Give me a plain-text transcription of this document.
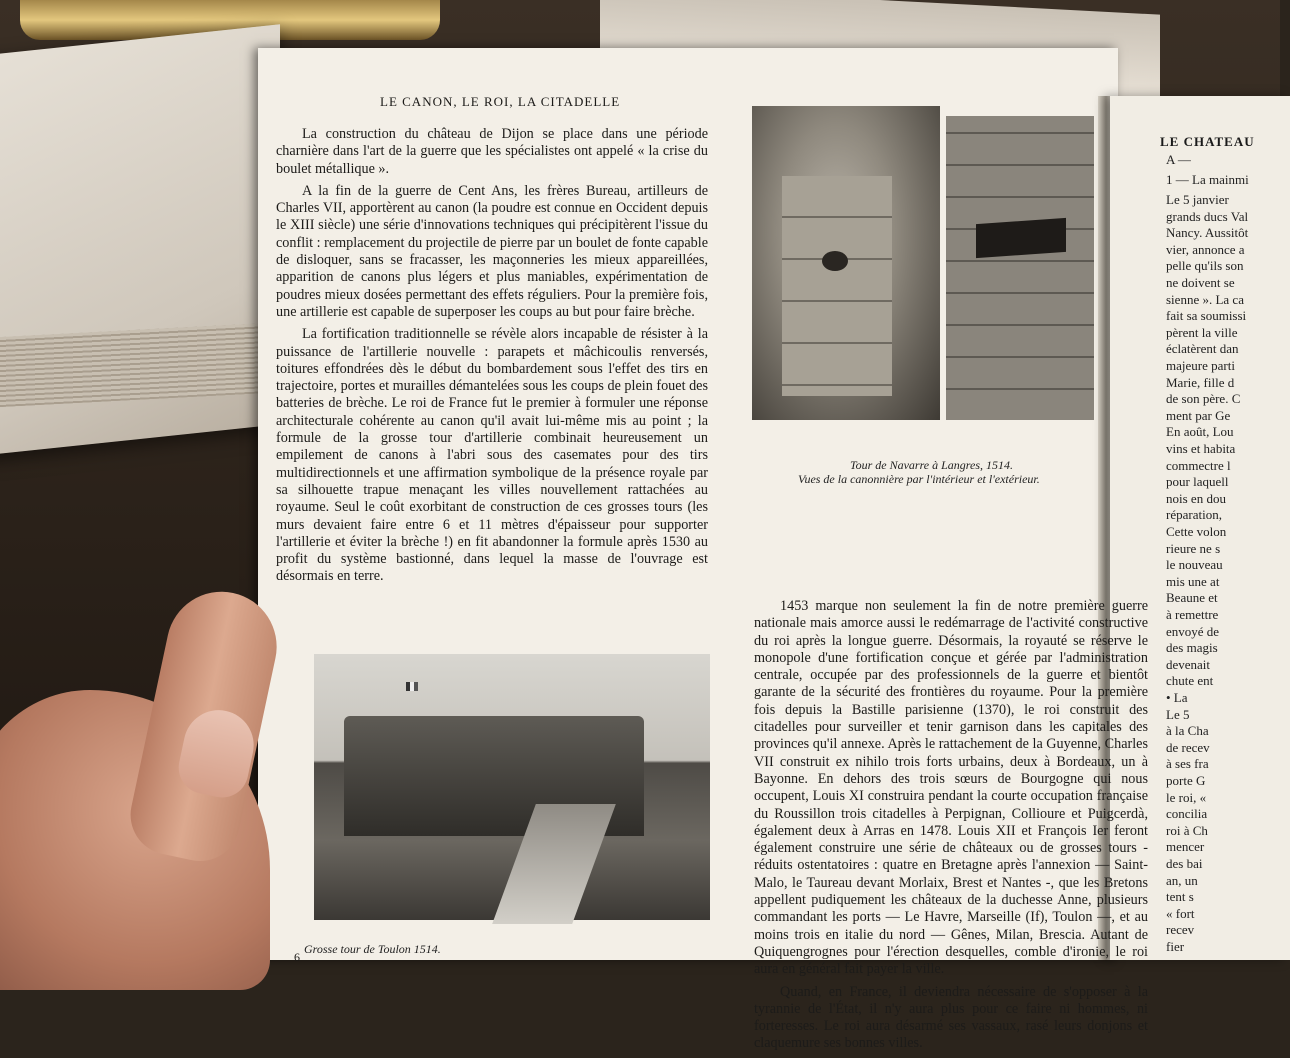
LE CANON, LE ROI, LA CITADELLE

La construction du château de Dijon se place dans une période charnière dans l'art de la guerre que les spécialistes ont appelé « la crise du boulet métallique ».

A la fin de la guerre de Cent Ans, les frères Bureau, artilleurs de Charles VII, apportèrent au canon (la poudre est connue en Occident depuis le XIII siècle) une série d'innovations techniques qui précipitèrent l'issue du conflit : remplacement du projectile de pierre par un boulet de fonte capable de disloquer, sans se fracasser, les maçonneries les mieux appareillées, apparition de canons plus légers et plus maniables, expérimentation de poudres mieux dosées permettant des effets réguliers. Pour la première fois, une artillerie est capable de superposer les coups au but pour faire brèche.

La fortification traditionnelle se révèle alors incapable de résister à la puissance de l'artillerie nouvelle : parapets et mâchicoulis renversés, toitures effondrées dès le début du bombardement sous l'effet des tirs en trajectoire, portes et murailles démantelées sous les coups de plein fouet des batteries de brèche. Le roi de France fut le premier à formuler une réponse architecturale cohérente au canon qu'il avait lui-même mis au point ; la formule de la grosse tour d'artillerie combinait heureusement un empilement de canons à l'abri sous des casemates pour des tirs multidirectionnels et une affirmation symbolique de la présence royale par sa silhouette trapue menaçant les villes nouvellement rattachées au royaume. Seul le coût exorbitant de construction de ces grosses tours (les murs devaient faire entre 6 et 11 mètres d'épaisseur pour supporter l'artillerie et éviter la brèche !) en fit abandonner la formule après 1530 au profit du système bastionné, dans lequel la masse de l'ouvrage est désormais en terre.

Tour de Navarre à Langres, 1514.

Vues de la canonnière par l'intérieur et l'extérieur.

1453 marque non seulement la fin de notre première guerre nationale mais amorce aussi le redémarrage de l'activité constructive du roi après la longue guerre. Désormais, la royauté se réserve le monopole d'une fortification conçue et gérée par l'administration centrale, occupée par des professionnels de la guerre et bientôt garante de la sécurité des frontières du royaume. Pour la première fois depuis la Bastille parisienne (1370), le roi construit des citadelles pour surveiller et tenir garnison dans les capitales des provinces qu'il annexe. Après le rattachement de la Guyenne, Charles VII construit ex nihilo trois forts urbains, deux à Bordeaux, un à Bayonne. En dehors des trois sœurs de Bourgogne qui nous occupent, Louis XI construira pendant la courte occupation française du Roussillon trois citadelles à Perpignan, Collioure et Puigcerdà, également deux à Arras en 1478. Louis XII et François Ier feront également construire une série de châteaux ou de grosses tours - réduits ostentatoires : quatre en Bretagne après l'annexion — Saint-Malo, le Taureau devant Morlaix, Brest et Nantes -, que les Bretons appellent pudiquement les châteaux de la duchesse Anne, plusieurs commandant les ports — Le Havre, Marseille (If), Toulon —, et au moins trois en italie du nord — Gênes, Milan, Brescia. Autant de Quiquengrognes pour l'érection desquelles, comble d'ironie, le roi aura en général fait payer la ville.

Quand, en France, il deviendra nécessaire de s'opposer à la tyrannie de l'État, il n'y aura plus pour ce faire ni hommes, ni forteresses. Le roi aura désarmé ses vassaux, rasé leurs donjons et claquemure ses bonnes villes.

Grosse tour de Toulon 1514.

6

LE CHATEAU

A —

1 — La mainmi

Le 5 janvier

grands ducs Val

Nancy. Aussitôt

vier, annonce a

pelle qu'ils son

ne doivent se

sienne ». La ca

fait sa soumissi

pèrent la ville

éclatèrent dan

majeure parti

Marie, fille d

de son père. C

ment par Ge

En août, Lou

vins et habita

commectre l

pour laquell

nois en dou

réparation,

Cette volon

rieure ne s

le nouveau

mis une at

Beaune et

à remettre

envoyé de

des magis

devenait

chute ent

• La

Le 5

à la Cha

de recev

à ses fra

porte G

le roi, «

concilia

roi à Ch

mencer

des bai

an, un

tent s

« fort

recev

fier
